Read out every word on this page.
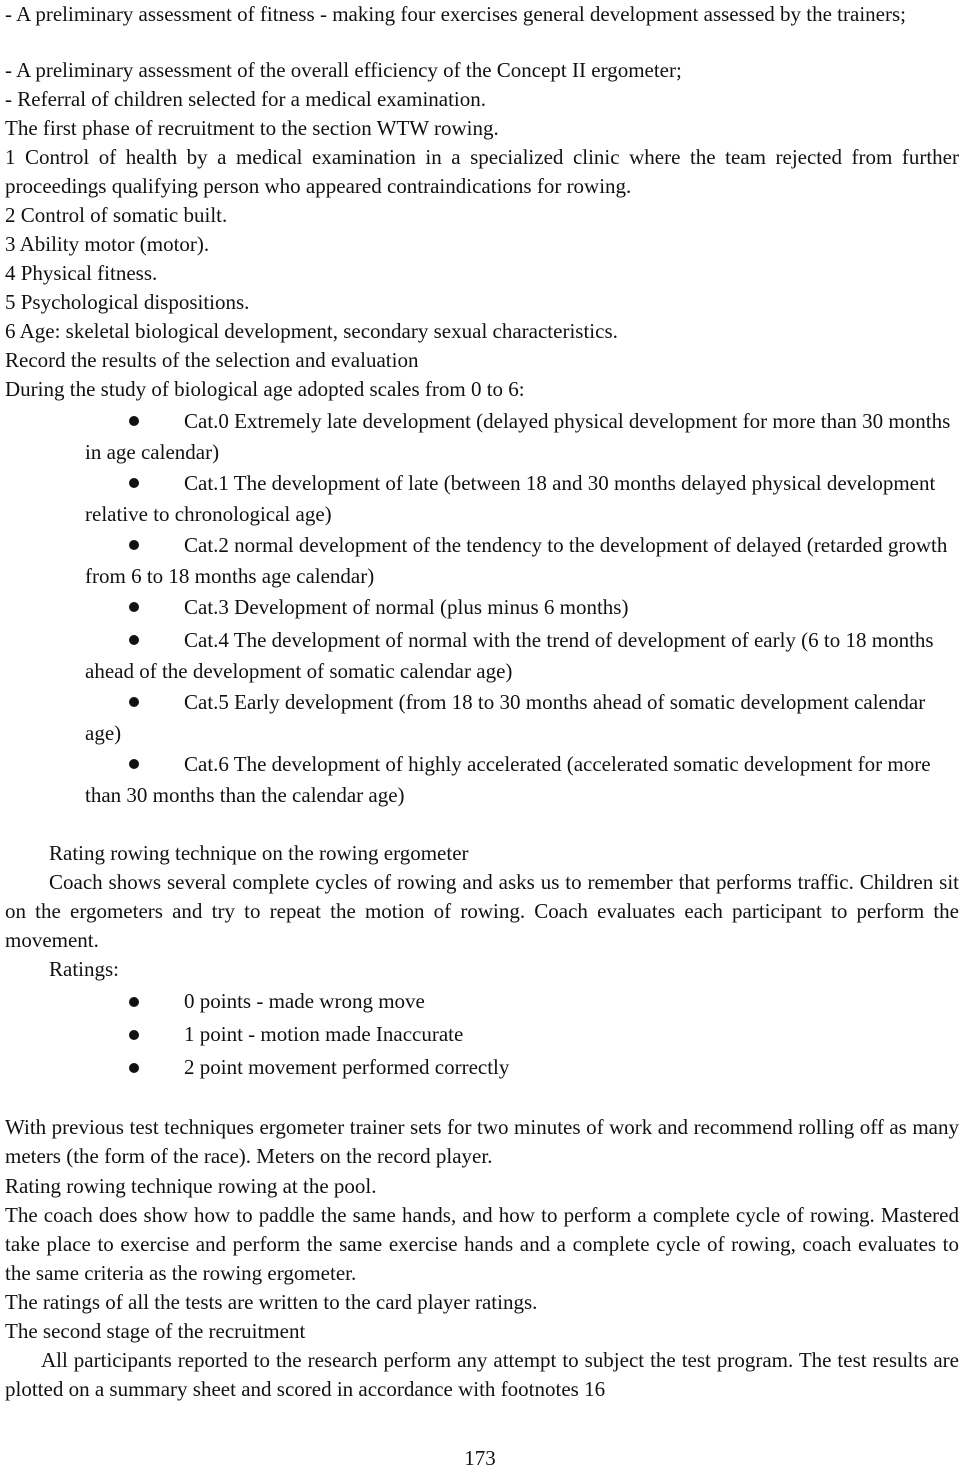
- A preliminary assessment of fitness - making four exercises general development assessed by the trainers;
- A preliminary assessment of the overall efficiency of the Concept II ergometer;
- Referral of children selected for a medical examination.
The first phase of recruitment to the section WTW rowing.
1 Control of health by a medical examination in a specialized clinic where the team rejected from further proceedings qualifying person who appeared contraindications for rowing.
2 Control of somatic built.
3 Ability motor (motor).
4 Physical fitness.
5 Psychological dispositions.
6 Age: skeletal biological development, secondary sexual characteristics.
Record the results of the selection and evaluation
During the study of biological age adopted scales from 0 to 6:
Cat.0 Extremely late development (delayed physical development for more than 30 months in age calendar)
Cat.1 The development of late (between 18 and 30 months delayed physical development relative to chronological age)
Cat.2 normal development of the tendency to the development of delayed (retarded growth from 6 to 18 months age calendar)
Cat.3 Development of normal (plus minus 6 months)
Cat.4 The development of normal with the trend of development of early (6 to 18 months ahead of the development of somatic calendar age)
Cat.5 Early development (from 18 to 30 months ahead of somatic development calendar age)
Cat.6 The development of highly accelerated (accelerated somatic development for more than 30 months than the calendar age)
Rating rowing technique on the rowing ergometer
Coach shows several complete cycles of rowing and asks us to remember that performs traffic. Children sit on the ergometers and try to repeat the motion of rowing. Coach evaluates each participant to perform the movement.
Ratings:
0 points - made wrong move
1 point - motion made Inaccurate
2 point movement performed correctly
With previous test techniques ergometer trainer sets for two minutes of work and recommend rolling off as many meters (the form of the race). Meters on the record player.
Rating rowing technique rowing at the pool.
The coach does show how to paddle the same hands, and how to perform a complete cycle of rowing. Mastered take place to exercise and perform the same exercise hands and a complete cycle of rowing, coach evaluates to the same criteria as the rowing ergometer.
The ratings of all the tests are written to the card player ratings.
The second stage of the recruitment
All participants reported to the research perform any attempt to subject the test program. The test results are plotted on a summary sheet and scored in accordance with footnotes 16
173
